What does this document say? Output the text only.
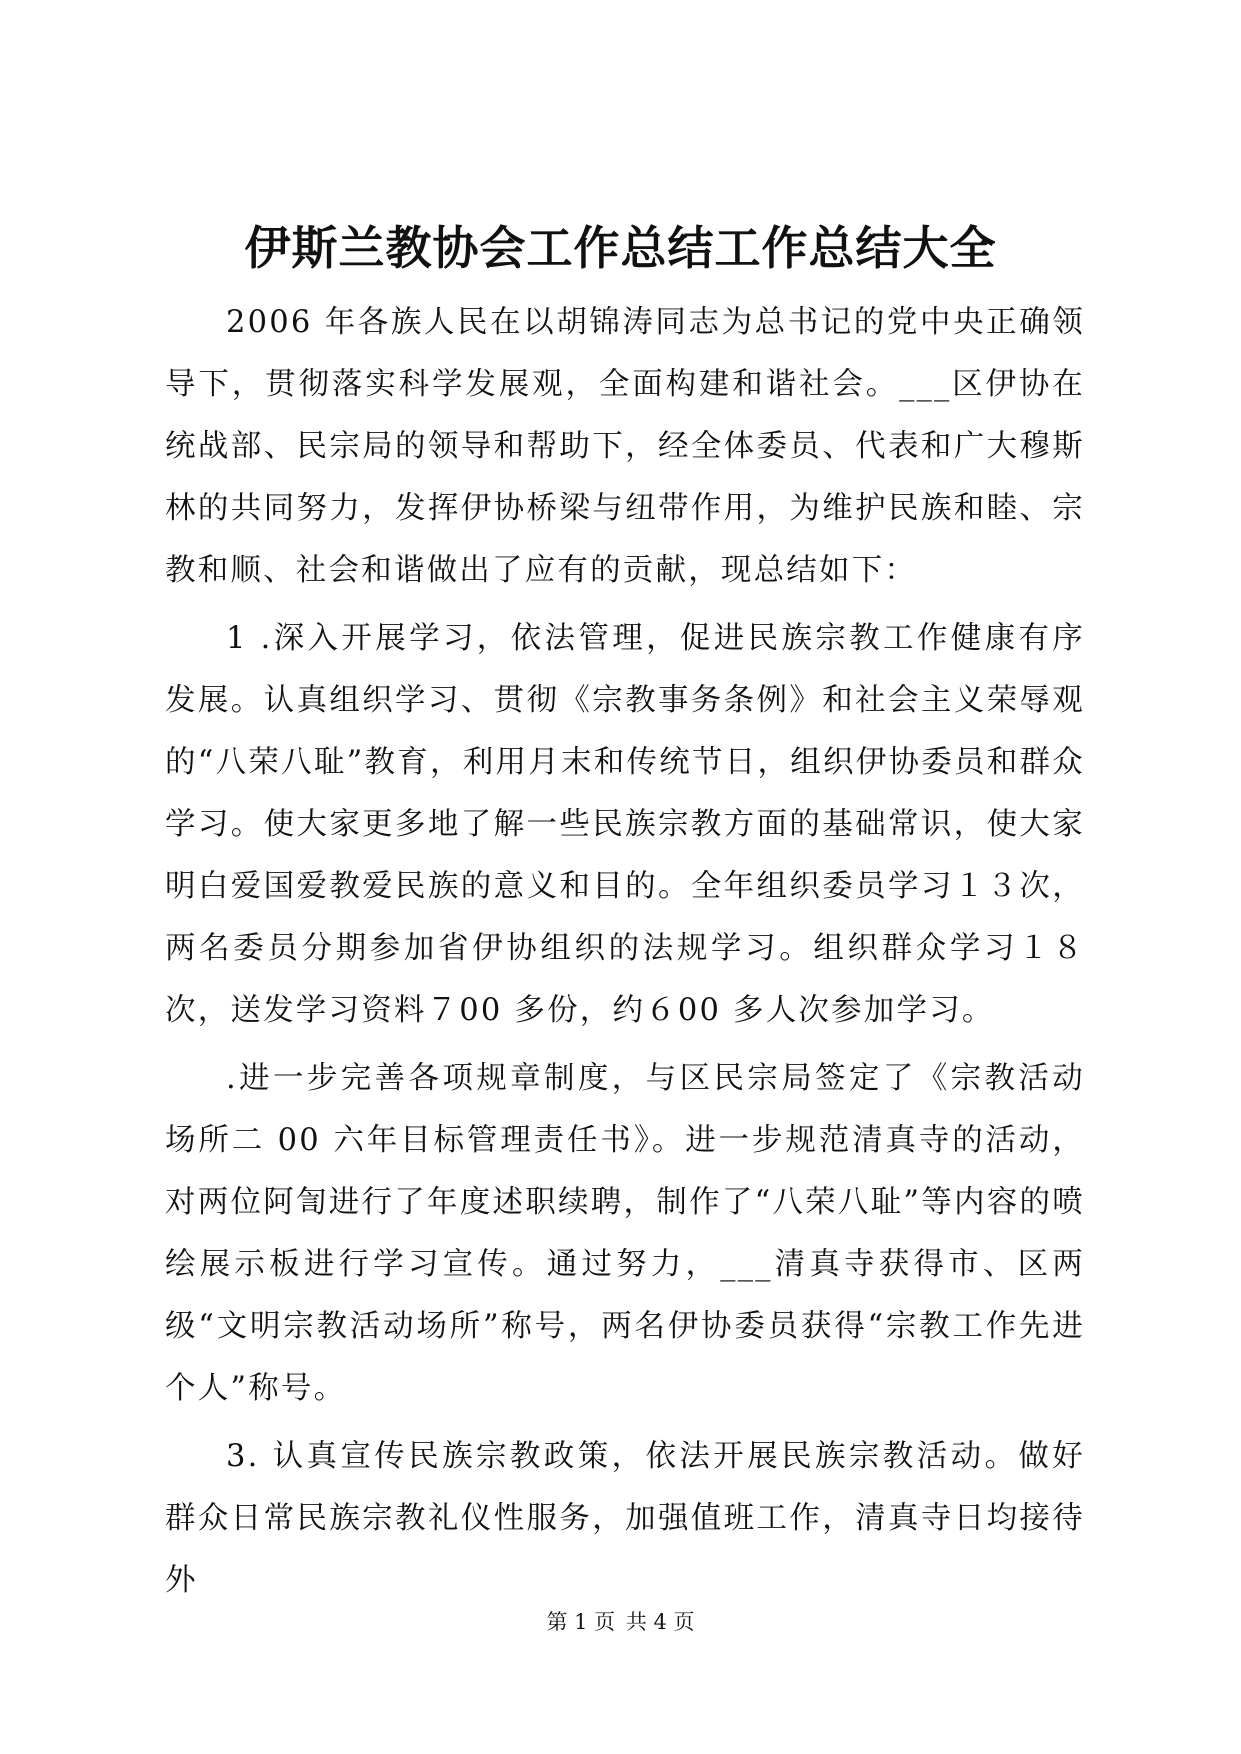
伊斯兰教协会工作总结工作总结大全

2006 年各族人民在以胡锦涛同志为总书记的党中央正确领导下，贯彻落实科学发展观，全面构建和谐社会。___区伊协在统战部、民宗局的领导和帮助下，经全体委员、代表和广大穆斯林的共同努力，发挥伊协桥梁与纽带作用，为维护民族和睦、宗教和顺、社会和谐做出了应有的贡献，现总结如下：

1 .深入开展学习，依法管理，促进民族宗教工作健康有序发展。认真组织学习、贯彻《宗教事务条例》和社会主义荣辱观的“八荣八耻”教育，利用月末和传统节日，组织伊协委员和群众学习。使大家更多地了解一些民族宗教方面的基础常识，使大家明白爱国爱教爱民族的意义和目的。全年组织委员学习１３次，两名委员分期参加省伊协组织的法规学习。组织群众学习１８次，送发学习资料７00 多份，约６00 多人次参加学习。

.进一步完善各项规章制度，与区民宗局签定了《宗教活动场所二 00 六年目标管理责任书》。进一步规范清真寺的活动，对两位阿訇进行了年度述职续聘，制作了“八荣八耻”等内容的喷绘展示板进行学习宣传。通过努力，___清真寺获得市、区两级“文明宗教活动场所”称号，两名伊协委员获得“宗教工作先进个人”称号。

3. 认真宣传民族宗教政策，依法开展民族宗教活动。做好群众日常民族宗教礼仪性服务，加强值班工作，清真寺日均接待外

第 1 页 共 4 页
